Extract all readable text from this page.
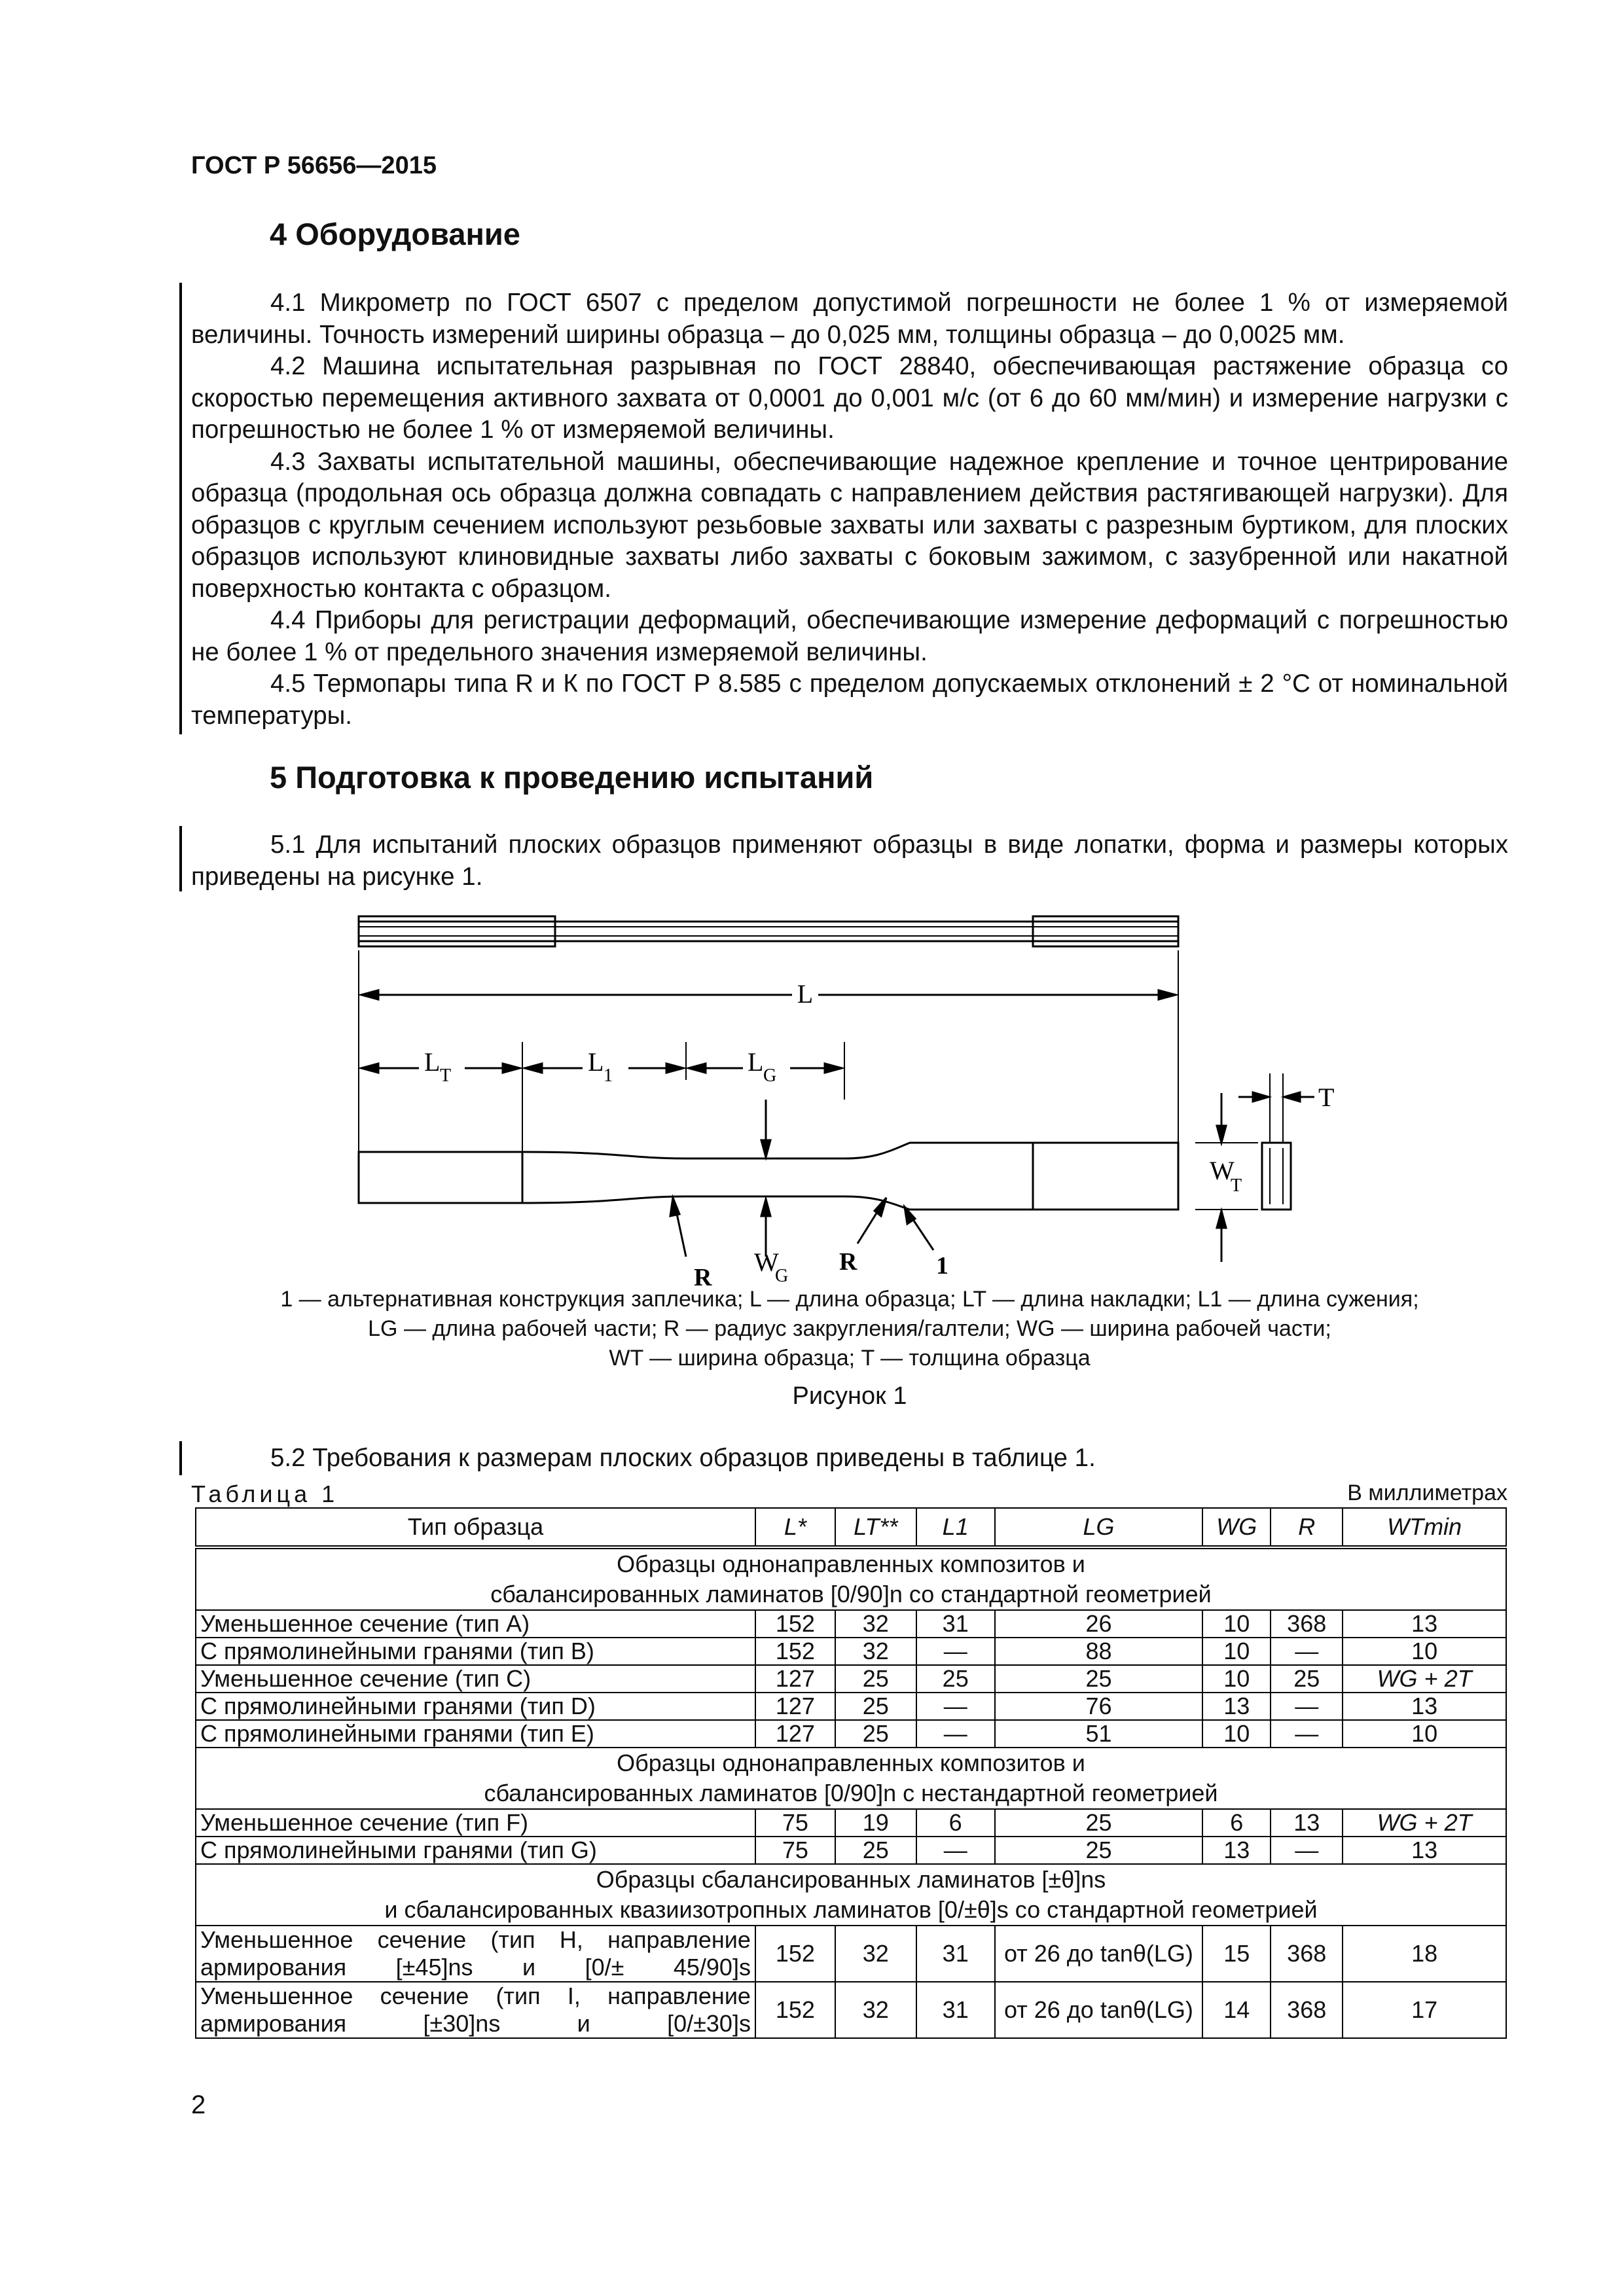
ГОСТ Р 56656—2015
4 Оборудование

4.1 Микрометр по ГОСТ 6507 с пределом допустимой погрешности не более 1 % от измеряемой величины. Точность измерений ширины образца – до 0,025 мм, толщины образца – до 0,0025 мм.

4.2 Машина испытательная разрывная по ГОСТ 28840, обеспечивающая растяжение образца со скоростью перемещения активного захвата от 0,0001 до 0,001 м/с (от 6 до 60 мм/мин) и измерение нагрузки с погрешностью не более 1 % от измеряемой величины.

4.3 Захваты испытательной машины, обеспечивающие надежное крепление и точное центрирование образца (продольная ось образца должна совпадать с направлением действия растягивающей нагрузки). Для образцов с круглым сечением используют резьбовые захваты или захваты с разрезным буртиком, для плоских образцов используют клиновидные захваты либо захваты с боковым зажимом, с зазубренной или накатной поверхностью контакта с образцом.

4.4 Приборы для регистрации деформаций, обеспечивающие измерение деформаций с погрешностью не более 1 % от предельного значения измеряемой величины.

4.5 Термопары типа R и К по ГОСТ Р 8.585 с пределом допускаемых отклонений ± 2 °С от номинальной температуры.

5 Подготовка к проведению испытаний

5.1 Для испытаний плоских образцов применяют образцы в виде лопатки, форма и размеры которых приведены на рисунке 1.

L
L T	L 1	L G
W
G
R
R	1
T
W
T
1 — альтернативная конструкция заплечика; L — длина образца; LT — длина накладки; L1 — длина сужения;
LG — длина рабочей части; R — радиус закругления/галтели; WG — ширина рабочей части;
WT — ширина образца; T — толщина образца
Рисунок 1

5.2 Требования к размерам плоских образцов приведены в таблице 1.

Таблица 1	В миллиметрах
Тип образца	L*	LT**	L1	LG	WG	R	WTmin

Образцы однонаправленных композитов и
сбалансированных ламинатов [0/90]n со стандартной геометрией							

Уменьшенное сечение (тип А)	152	32	31	26	10	368	13
С прямолинейными гранями (тип В)	152	32	—	88	10	—	10
Уменьшенное сечение (тип С)	127	25	25	25	10	25	WG + 2T
С прямолинейными гранями (тип D)	127	25	—	76	13	—	13
С прямолинейными гранями (тип Е)	127	25	—	51	10	—	10

Образцы однонаправленных композитов и
сбалансированных ламинатов [0/90]n с нестандартной геометрией							

Уменьшенное сечение (тип F)	75	19	6	25	6	13	WG + 2T
С прямолинейными гранями (тип G)	75	25	—	25	13	—	13

Образцы сбалансированных ламинатов [±θ]ns
и сбалансированных квазиизотропных ламинатов [0/±θ]s со стандартной геометрией							

Уменьшенное сечение (тип Н, направление армирования [±45]ns и [0/± 45/90]s	152	32	31	от 26 до tanθ(LG)	15	368	18
Уменьшенное сечение (тип I, направление армирования [±30]ns и [0/±30]s	152	32	31	от 26 до tanθ(LG)	14	368	17
2
